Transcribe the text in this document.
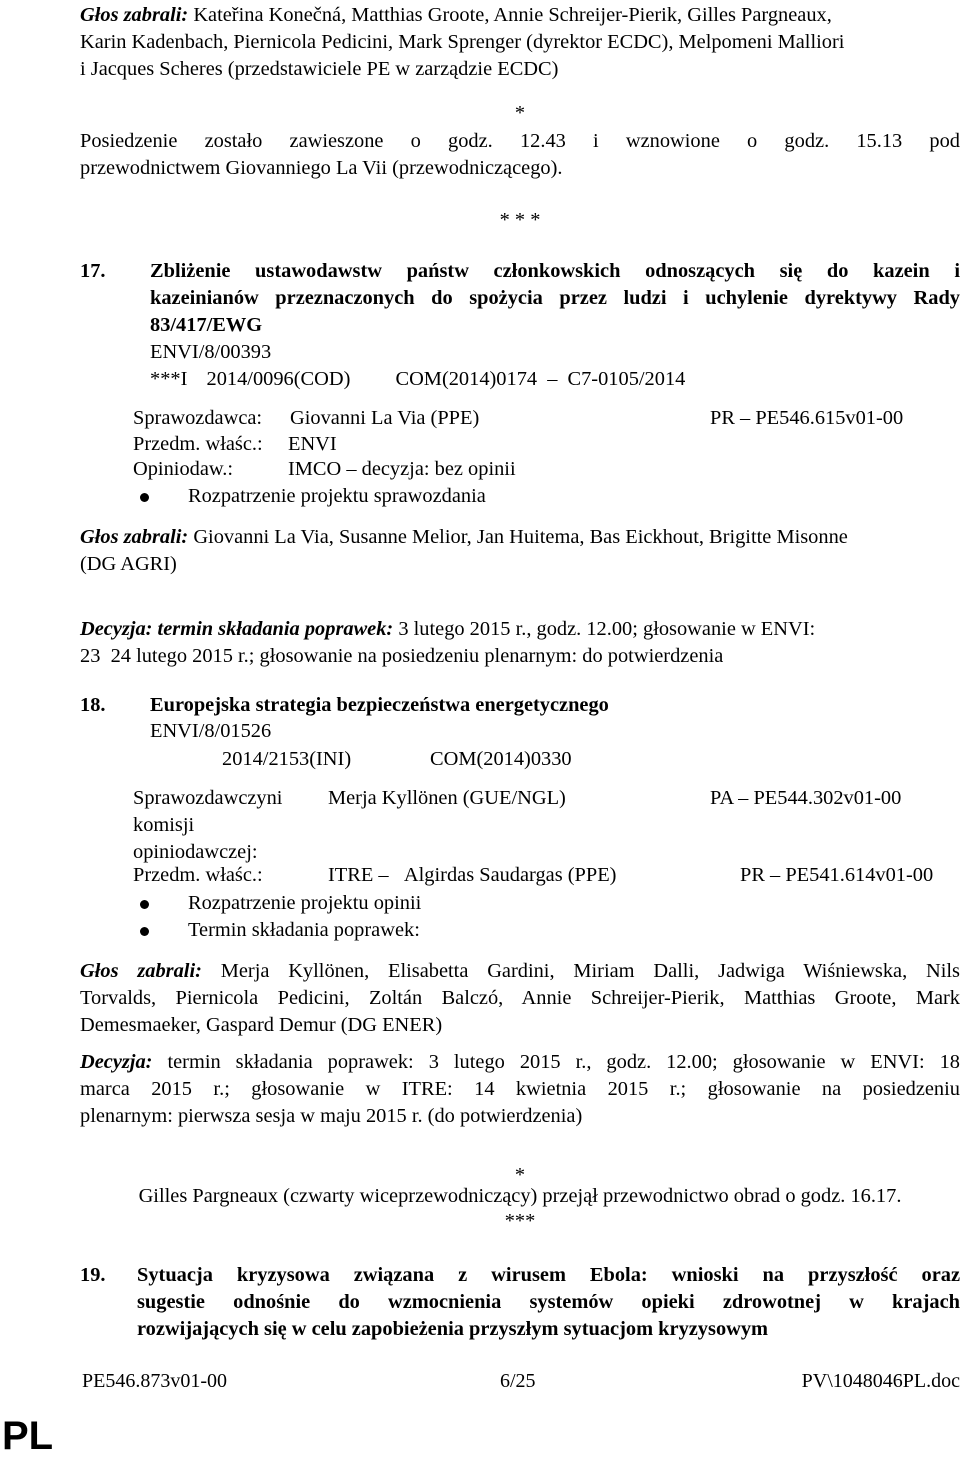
Głos zabrali: Kateřina Konečná, Matthias Groote, Annie Schreijer-Pierik, Gilles Pargneaux,
Karin Kadenbach, Piernicola Pedicini, Mark Sprenger (dyrektor ECDC), Melpomeni Malliori
i Jacques Scheres (przedstawiciele PE w zarządzie ECDC)
*
Posiedzenie zostało zawieszone o godz. 12.43 i wznowione o godz. 15.13 pod
przewodnictwem Giovanniego La Vii (przewodniczącego).
* * *
17. Zbliżenie ustawodawstw państw członkowskich odnoszących się do kazein i
kazeinianów przeznaczonych do spożycia przez ludzi i uchylenie dyrektywy Rady
83/417/EWG
ENVI/8/00393
***I 2014/0096(COD) COM(2014)0174 – C7-0105/2014
Sprawozdawca: Giovanni La Via (PPE)	PR – PE546.615v01-00
Przedm. właśc.: ENVI
Opiniodaw.:	IMCO – decyzja: bez opinii
Rozpatrzenie projektu sprawozdania
Głos zabrali: Giovanni La Via, Susanne Melior, Jan Huitema, Bas Eickhout, Brigitte Misonne
(DG AGRI)
Decyzja: termin składania poprawek: 3 lutego 2015 r., godz. 12.00; głosowanie w ENVI:
23  24 lutego 2015 r.; głosowanie na posiedzeniu plenarnym: do potwierdzenia
18. Europejska strategia bezpieczeństwa energetycznego
ENVI/8/01526
2014/2153(INI)	COM(2014)0330
Sprawozdawczyni
komisji
opiniodawczej:
Merja Kyllönen (GUE/NGL)	PA – PE544.302v01-00
Przedm. właśc.:	ITRE –   Algirdas Saudargas (PPE)	PR – PE541.614v01-00
Rozpatrzenie projektu opinii
Termin składania poprawek:
Głos zabrali: Merja Kyllönen, Elisabetta Gardini, Miriam Dalli, Jadwiga Wiśniewska, Nils
Torvalds, Piernicola Pedicini, Zoltán Balczó, Annie Schreijer-Pierik, Matthias Groote, Mark
Demesmaeker, Gaspard Demur (DG ENER)
Decyzja: termin składania poprawek: 3 lutego 2015 r., godz. 12.00; głosowanie w ENVI: 18
marca 2015 r.; głosowanie w ITRE: 14 kwietnia 2015 r.; głosowanie na posiedzeniu
plenarnym: pierwsza sesja w maju 2015 r. (do potwierdzenia)
*
Gilles Pargneaux (czwarty wiceprzewodniczący) przejął przewodnictwo obrad o godz. 16.17.
***
19. Sytuacja kryzysowa związana z wirusem Ebola: wnioski na przyszłość oraz
sugestie odnośnie do wzmocnienia systemów opieki zdrowotnej w krajach
rozwijających się w celu zapobieżenia przyszłym sytuacjom kryzysowym
PE546.873v01-00	6/25	PV\1048046PL.doc
PL
